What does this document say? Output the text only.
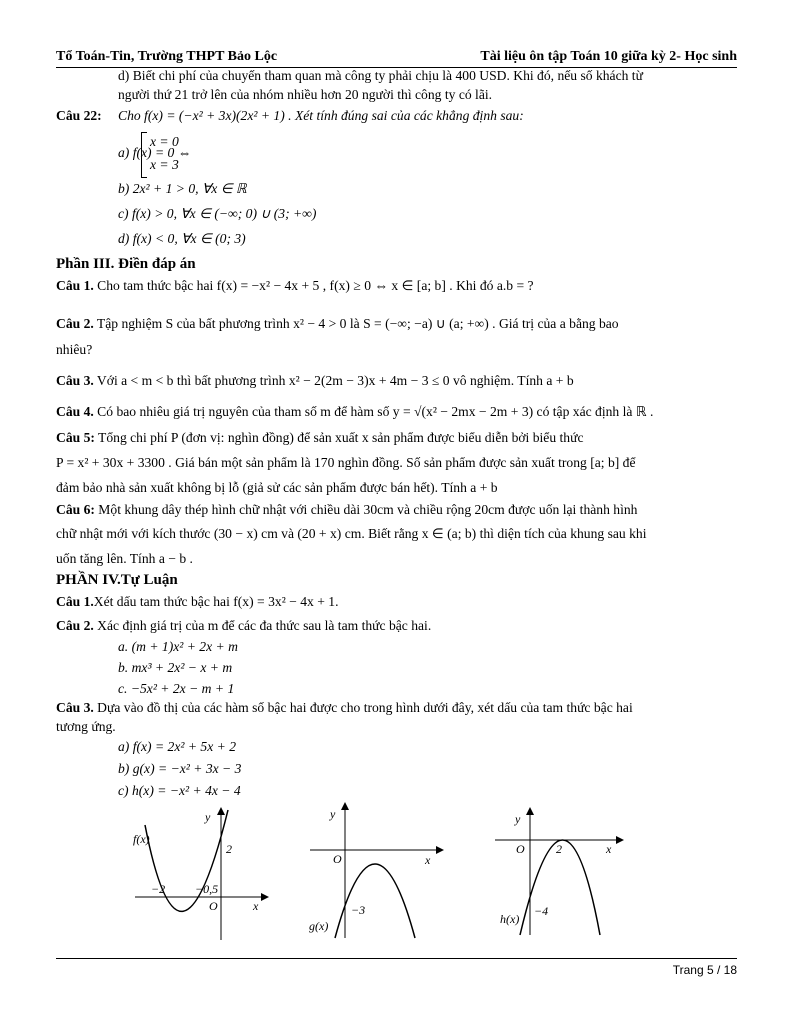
Tổ Toán-Tin, Trường THPT Bảo Lộc	Tài liệu ôn tập Toán 10 giữa kỳ 2- Học sinh
d) Biết chi phí của chuyến tham quan mà công ty phải chịu là 400 USD. Khi đó, nếu số khách từ
người thứ 21 trở lên của nhóm nhiều hơn 20 người thì công ty có lãi.
Câu 22: Cho f(x) = (−x² + 3x)(2x² + 1) . Xét tính đúng sai của các khẳng định sau:
a) f(x) = 0 ⇔
x = 0
x = 3
b) 2x² + 1 > 0, ∀x ∈ ℝ
c) f(x) > 0, ∀x ∈ (−∞; 0) ∪ (3; +∞)
d) f(x) < 0, ∀x ∈ (0; 3)
Phần III. Điền đáp án
Câu 1. Cho tam thức bậc hai f(x) = −x² − 4x + 5 , f(x) ≥ 0 ⇔ x ∈ [a; b] . Khi đó a.b = ?
Câu 2. Tập nghiệm S của bất phương trình x² − 4 > 0 là S = (−∞; −a) ∪ (a; +∞) . Giá trị của a bằng bao
nhiêu?
Câu 3. Với a < m < b thì bất phương trình x² − 2(2m − 3)x + 4m − 3 ≤ 0 vô nghiệm. Tính a + b
Câu 4. Có bao nhiêu giá trị nguyên của tham số m để hàm số y = √(x² − 2mx − 2m + 3) có tập xác định là ℝ .
Câu 5: Tổng chi phí P (đơn vị: nghìn đồng) để sản xuất x sản phẩm được biểu diễn bởi biểu thức
P = x² + 30x + 3300 . Giá bán một sản phẩm là 170 nghìn đồng. Số sản phẩm được sản xuất trong [a; b] để
đảm bảo nhà sản xuất không bị lỗ (giả sử các sản phẩm được bán hết). Tính a + b
Câu 6: Một khung dây thép hình chữ nhật với chiều dài 30cm và chiều rộng 20cm được uốn lại thành hình
chữ nhật mới với kích thước (30 − x) cm và (20 + x) cm. Biết rằng x ∈ (a; b) thì diện tích của khung sau khi
uốn tăng lên. Tính a − b .
PHẦN IV.Tự Luận
Câu 1.Xét dấu tam thức bậc hai f(x) = 3x² − 4x + 1.
Câu 2. Xác định giá trị của m để các đa thức sau là tam thức bậc hai.
a. (m + 1)x² + 2x + m
b. mx³ + 2x² − x + m
c. −5x² + 2x − m + 1
Câu 3. Dựa vào đồ thị của các hàm số bậc hai được cho trong hình dưới đây, xét dấu của tam thức bậc hai
tương ứng.
a) f(x) = 2x² + 5x + 2
b) g(x) = −x² + 3x − 3
c) h(x) = −x² + 4x − 4
f(x)
y
x
O
2
−2 −0,5
g(x)
y
x
O
−3
h(x)
y
x
O	2
−4
Trang 5 / 18
